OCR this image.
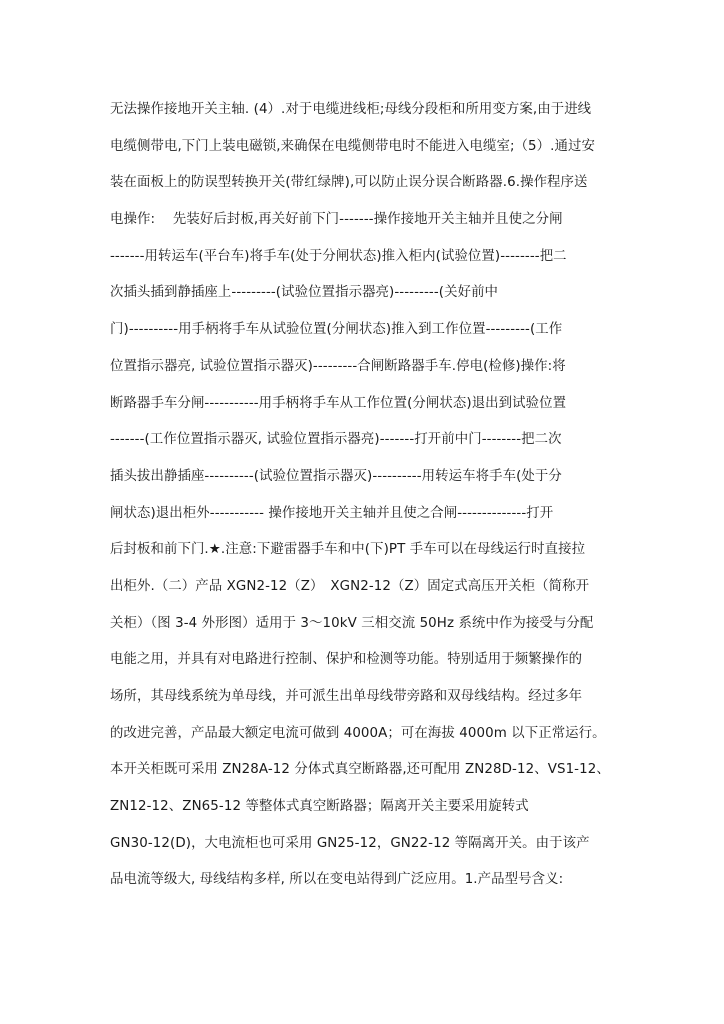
无法操作接地开关主轴. (4）.对于电缆进线柜;母线分段柜和所用变方案,由于进线
电缆侧带电,下门上装电磁锁,来确保在电缆侧带电时不能进入电缆室;（5）.通过安
装在面板上的防误型转换开关(带红绿牌),可以防止误分误合断路器.6.操作程序送
电操作:　 先装好后封板,再关好前下门-------操作接地开关主轴并且使之分闸
-------用转运车(平台车)将手车(处于分闸状态)推入柜内(试验位置)--------把二
次插头插到静插座上---------(试验位置指示器亮)---------(关好前中
门)----------用手柄将手车从试验位置(分闸状态)推入到工作位置---------(工作
位置指示器亮, 试验位置指示器灭)---------合闸断路器手车.停电(检修)操作:将
断路器手车分闸-----------用手柄将手车从工作位置(分闸状态)退出到试验位置
-------(工作位置指示器灭, 试验位置指示器亮)-------打开前中门--------把二次
插头拔出静插座----------(试验位置指示器灭)----------用转运车将手车(处于分
闸状态)退出柜外----------- 操作接地开关主轴并且使之合闸--------------打开
后封板和前下门.★.注意:下避雷器手车和中(下)PT 手车可以在母线运行时直接拉
出柜外.（二）产品 XGN2-12（Z）　XGN2-12（Z）固定式高压开关柜（简称开
关柜）（图 3-4 外形图）适用于 3～10kV 三相交流 50Hz 系统中作为接受与分配
电能之用，并具有对电路进行控制、保护和检测等功能。特别适用于频繁操作的
场所，其母线系统为单母线，并可派生出单母线带旁路和双母线结构。经过多年
的改进完善，产品最大额定电流可做到 4000A；可在海拔 4000m 以下正常运行。
本开关柜既可采用 ZN28A-12 分体式真空断路器,还可配用 ZN28D-12、VS1-12、
ZN12-12、ZN65-12 等整体式真空断路器；隔离开关主要采用旋转式
GN30-12(D)，大电流柜也可采用 GN25-12，GN22-12 等隔离开关。由于该产
品电流等级大, 母线结构多样, 所以在变电站得到广泛应用。1.产品型号含义:
